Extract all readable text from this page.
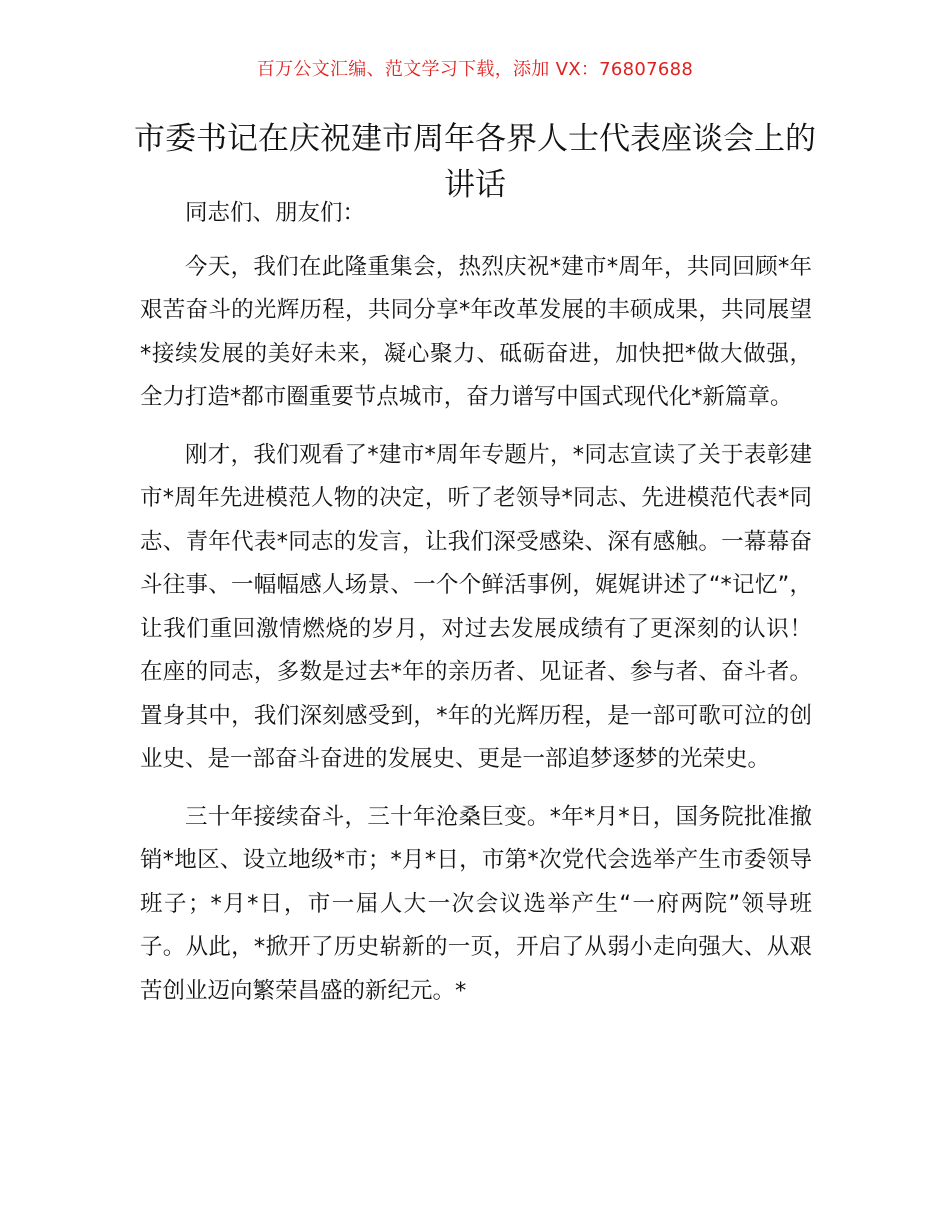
百万公文汇编、范文学习下载，添加 VX：76807688
市委书记在庆祝建市周年各界人士代表座谈会上的讲话

同志们、朋友们：

今天，我们在此隆重集会，热烈庆祝*建市*周年，共同回顾*年艰苦奋斗的光辉历程，共同分享*年改革发展的丰硕成果，共同展望*接续发展的美好未来，凝心聚力、砥砺奋进，加快把*做大做强，全力打造*都市圈重要节点城市，奋力谱写中国式现代化*新篇章。

刚才，我们观看了*建市*周年专题片，*同志宣读了关于表彰建市*周年先进模范人物的决定，听了老领导*同志、先进模范代表*同志、青年代表*同志的发言，让我们深受感染、深有感触。一幕幕奋斗往事、一幅幅感人场景、一个个鲜活事例，娓娓讲述了“*记忆”，让我们重回激情燃烧的岁月，对过去发展成绩有了更深刻的认识！在座的同志，多数是过去*年的亲历者、见证者、参与者、奋斗者。置身其中，我们深刻感受到，*年的光辉历程，是一部可歌可泣的创业史、是一部奋斗奋进的发展史、更是一部追梦逐梦的光荣史。

三十年接续奋斗，三十年沧桑巨变。*年*月*日，国务院批准撤销*地区、设立地级*市；*月*日，市第*次党代会选举产生市委领导班子；*月*日，市一届人大一次会议选举产生“一府两院”领导班子。从此，*掀开了历史崭新的一页，开启了从弱小走向强大、从艰苦创业迈向繁荣昌盛的新纪元。*
